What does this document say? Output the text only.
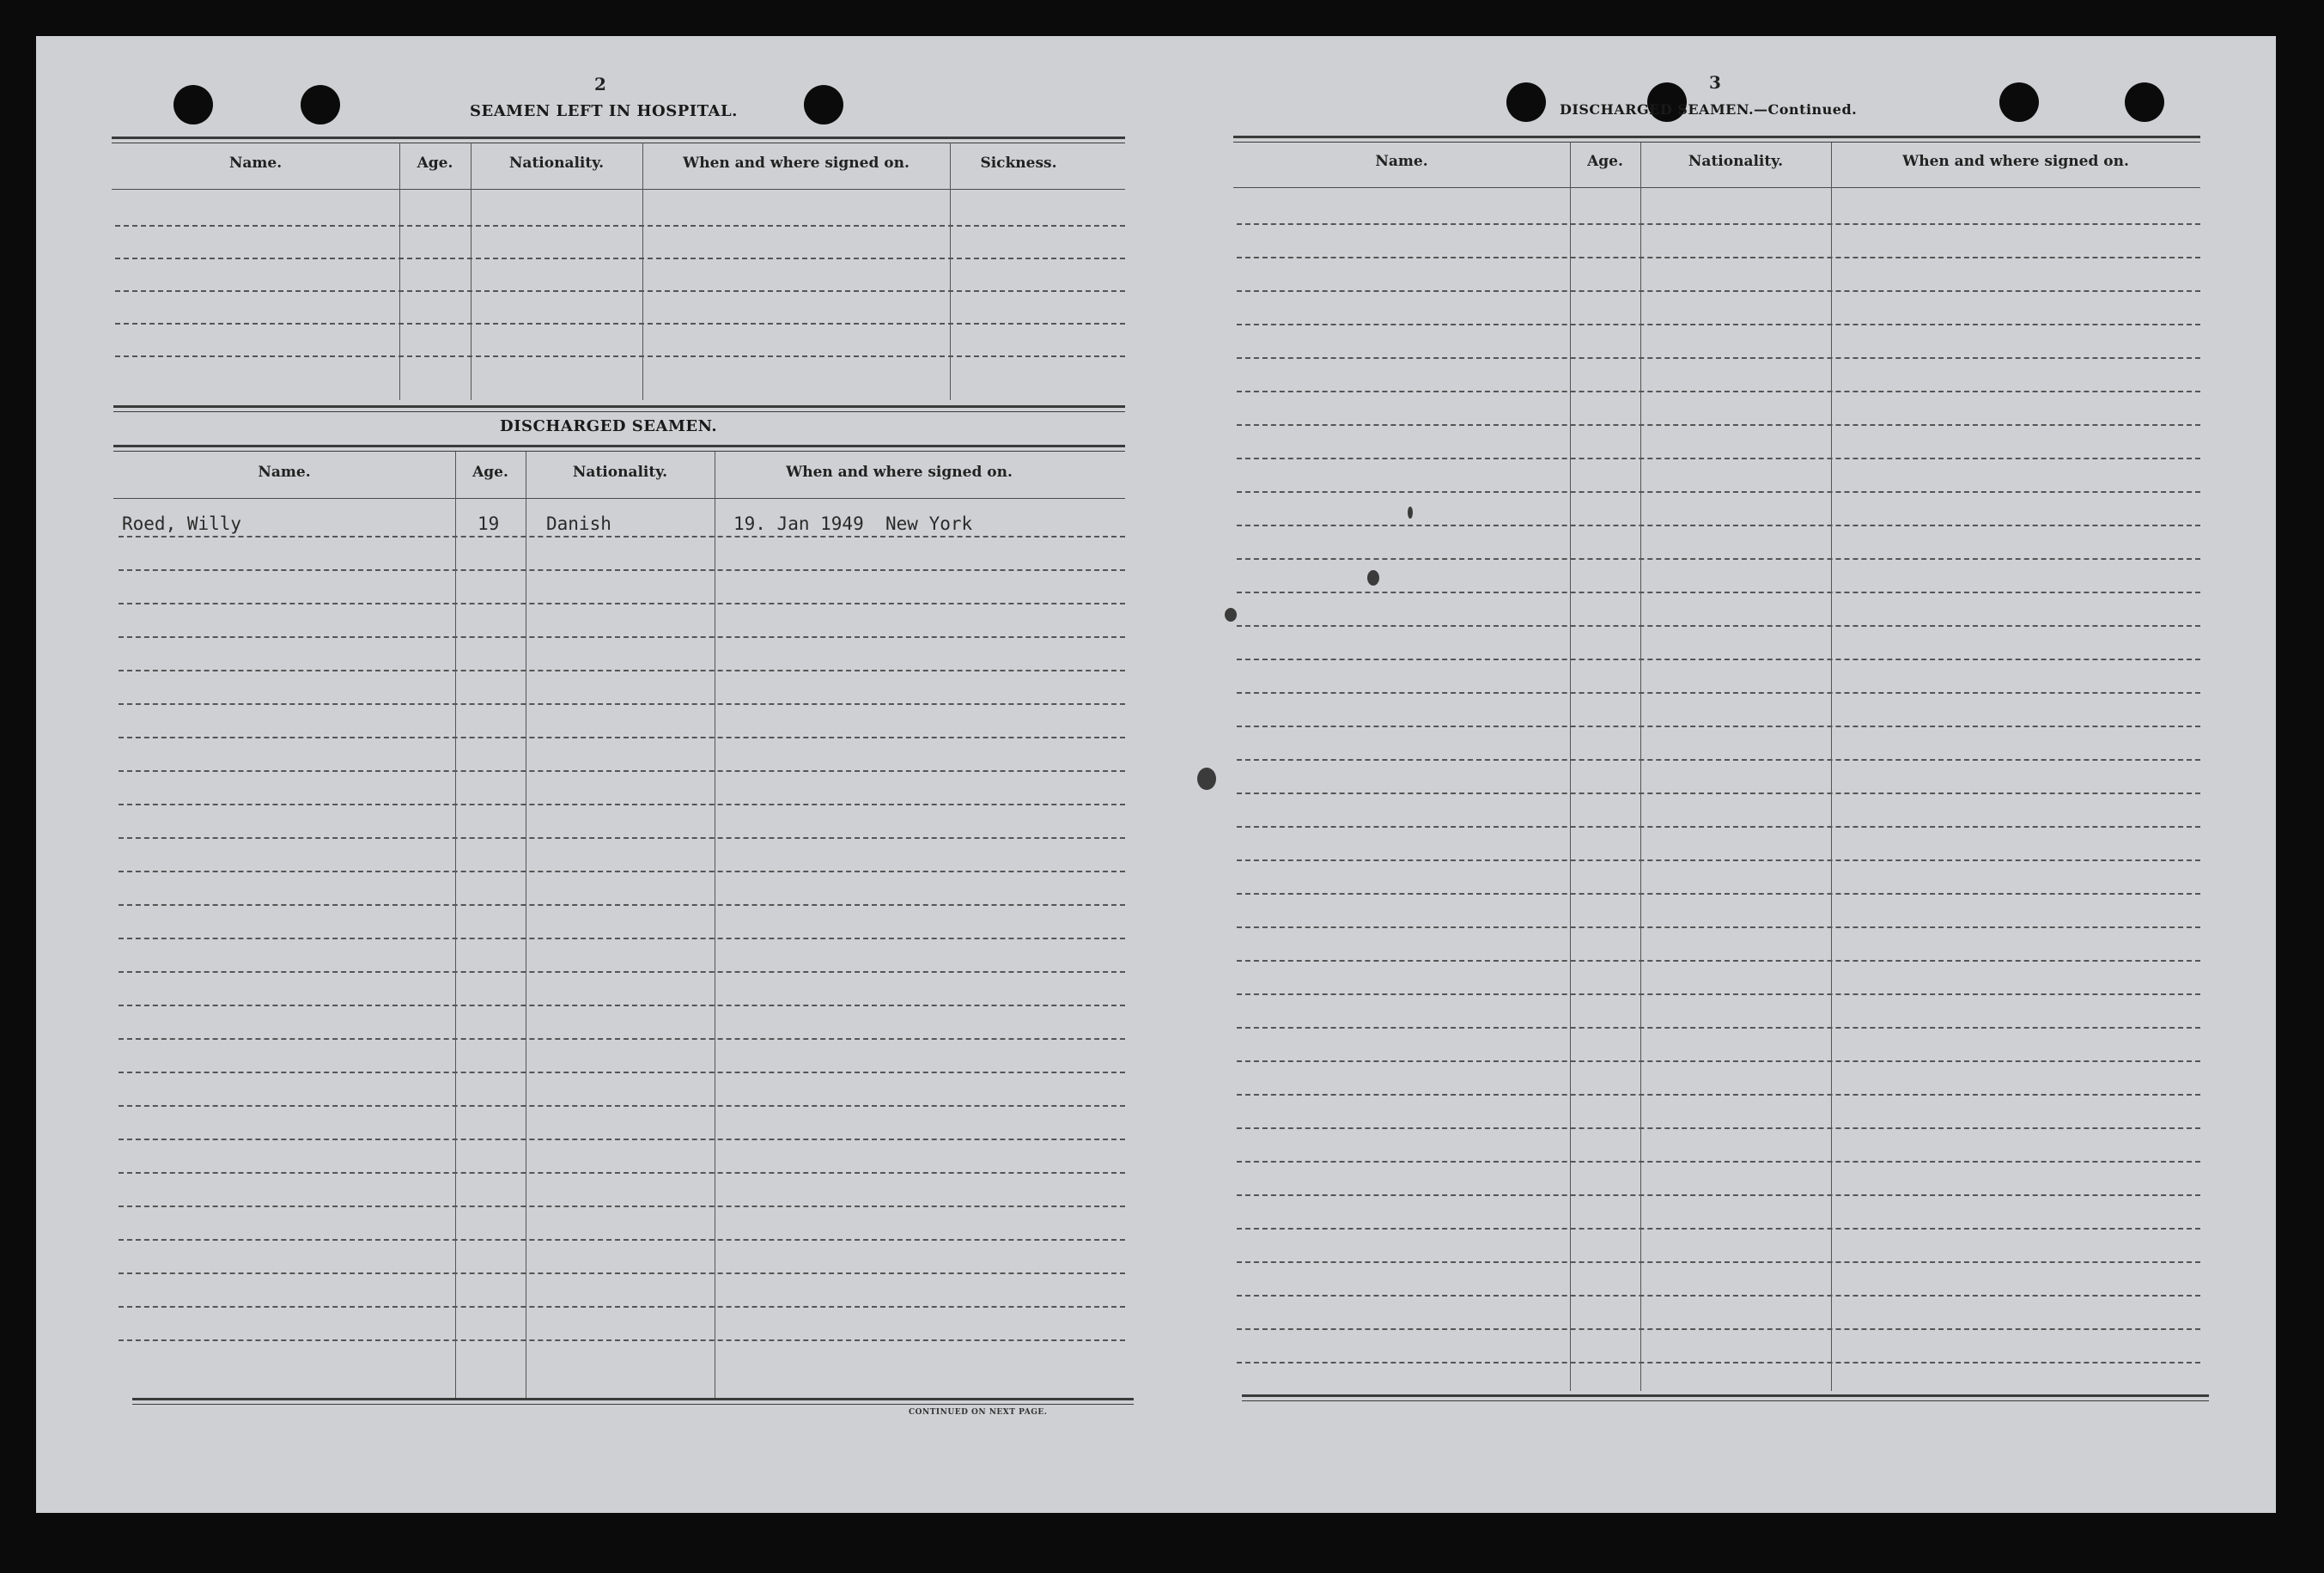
2
SEAMEN LEFT IN HOSPITAL.
Name.	Age.	Nationality.	When and where signed on.	Sickness.
DISCHARGED SEAMEN.
Name.	Age.	Nationality.	When and where signed on.
Roed, Willy	19	Danish	19. Jan 1949  New York
CONTINUED ON NEXT PAGE.
3
DISCHARGED SEAMEN.—Continued.
Name.	Age.	Nationality.	When and where signed on.
